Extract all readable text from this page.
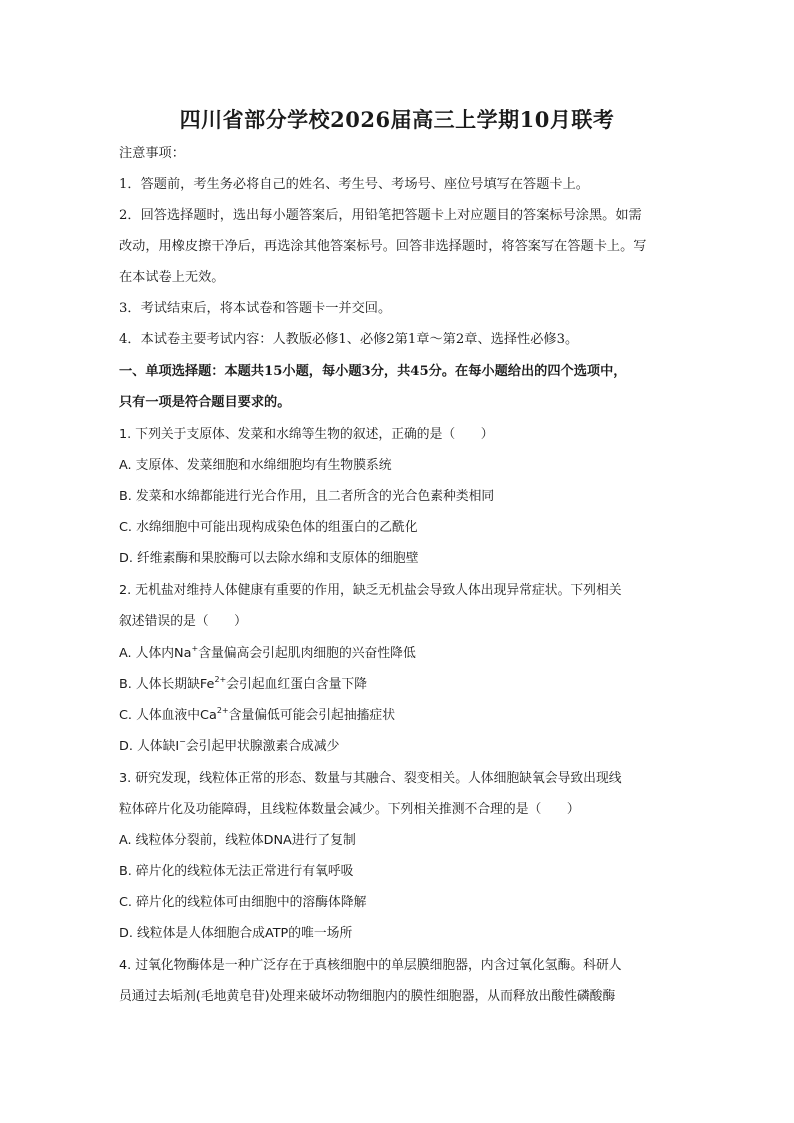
四川省部分学校2026届高三上学期10月联考
注意事项：
1．答题前，考生务必将自己的姓名、考生号、考场号、座位号填写在答题卡上。
2．回答选择题时，选出每小题答案后，用铅笔把答题卡上对应题目的答案标号涂黑。如需
改动，用橡皮擦干净后，再选涂其他答案标号。回答非选择题时，将答案写在答题卡上。写
在本试卷上无效。
3．考试结束后，将本试卷和答题卡一并交回。
4．本试卷主要考试内容：人教版必修1、必修2第1章～第2章、选择性必修3。
一、单项选择题：本题共15小题，每小题3分，共45分。在每小题给出的四个选项中，
只有一项是符合题目要求的。
1. 下列关于支原体、发菜和水绵等生物的叙述，正确的是（　　）
A. 支原体、发菜细胞和水绵细胞均有生物膜系统
B. 发菜和水绵都能进行光合作用，且二者所含的光合色素种类相同
C. 水绵细胞中可能出现构成染色体的组蛋白的乙酰化
D. 纤维素酶和果胶酶可以去除水绵和支原体的细胞壁
2. 无机盐对维持人体健康有重要的作用，缺乏无机盐会导致人体出现异常症状。下列相关
叙述错误的是（　　）
A. 人体内Na+含量偏高会引起肌肉细胞的兴奋性降低
B. 人体长期缺$Fe^{2+}$会引起血红蛋白含量下降
C. 人体血液中$Ca^{2+}$含量偏低可能会引起抽搐症状
D. 人体缺I−会引起甲状腺激素合成减少
3. 研究发现，线粒体正常的形态、数量与其融合、裂变相关。人体细胞缺氧会导致出现线
粒体碎片化及功能障碍，且线粒体数量会减少。下列相关推测不合理的是（　　）
A. 线粒体分裂前，线粒体DNA进行了复制
B. 碎片化的线粒体无法正常进行有氧呼吸
C. 碎片化的线粒体可由细胞中的溶酶体降解
D. 线粒体是人体细胞合成ATP的唯一场所
4. 过氧化物酶体是一种广泛存在于真核细胞中的单层膜细胞器，内含过氧化氢酶。科研人
员通过去垢剂(毛地黄皂苷)处理来破坏动物细胞内的膜性细胞器，从而释放出酸性磷酸酶
